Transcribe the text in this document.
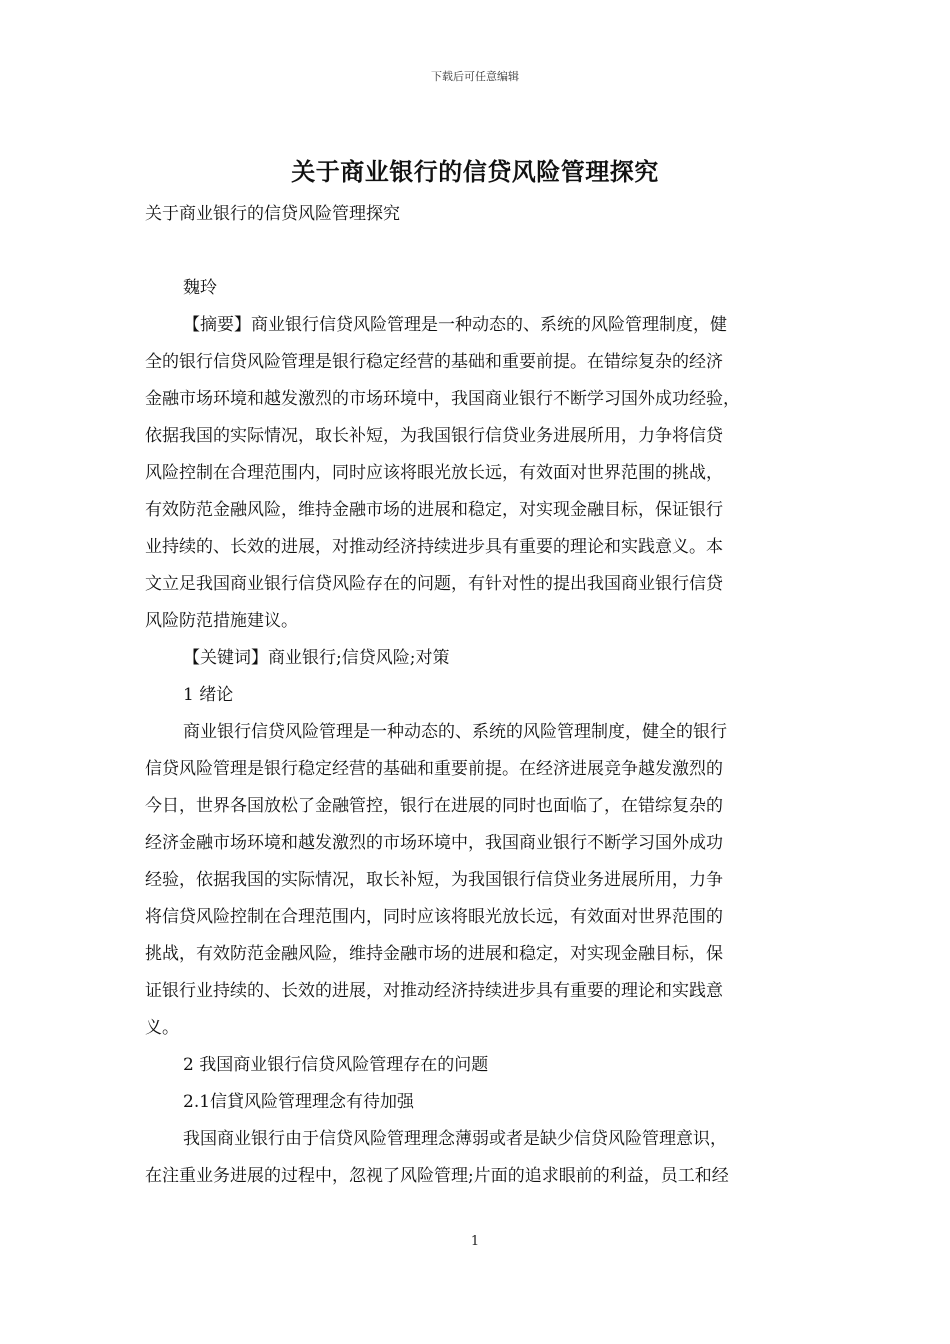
下载后可任意编辑
关于商业银行的信贷风险管理探究
关于商业银行的信贷风险管理探究
魏玲
【摘要】商业银行信贷风险管理是一种动态的、系统的风险管理制度，健
全的银行信贷风险管理是银行稳定经营的基础和重要前提。在错综复杂的经济
金融市场环境和越发激烈的市场环境中，我国商业银行不断学习国外成功经验，
依据我国的实际情况，取长补短，为我国银行信贷业务进展所用，力争将信贷
风险控制在合理范围内，同时应该将眼光放长远，有效面对世界范围的挑战，
有效防范金融风险，维持金融市场的进展和稳定，对实现金融目标，保证银行
业持续的、长效的进展，对推动经济持续进步具有重要的理论和实践意义。本
文立足我国商业银行信贷风险存在的问题，有针对性的提出我国商业银行信贷
风险防范措施建议。
【关键词】商业银行;信贷风险;对策
1 绪论
商业银行信贷风险管理是一种动态的、系统的风险管理制度，健全的银行
信贷风险管理是银行稳定经营的基础和重要前提。在经济进展竞争越发激烈的
今日，世界各国放松了金融管控，银行在进展的同时也面临了，在错综复杂的
经济金融市场环境和越发激烈的市场环境中，我国商业银行不断学习国外成功
经验，依据我国的实际情况，取长补短，为我国银行信贷业务进展所用，力争
将信贷风险控制在合理范围内，同时应该将眼光放长远，有效面对世界范围的
挑战，有效防范金融风险，维持金融市场的进展和稳定，对实现金融目标，保
证银行业持续的、长效的进展，对推动经济持续进步具有重要的理论和实践意
义。
2 我国商业银行信贷风险管理存在的问题
2.1信貸风险管理理念有待加强
我国商业银行由于信贷风险管理理念薄弱或者是缺少信贷风险管理意识，
在注重业务进展的过程中，忽视了风险管理;片面的追求眼前的利益，员工和经
1
